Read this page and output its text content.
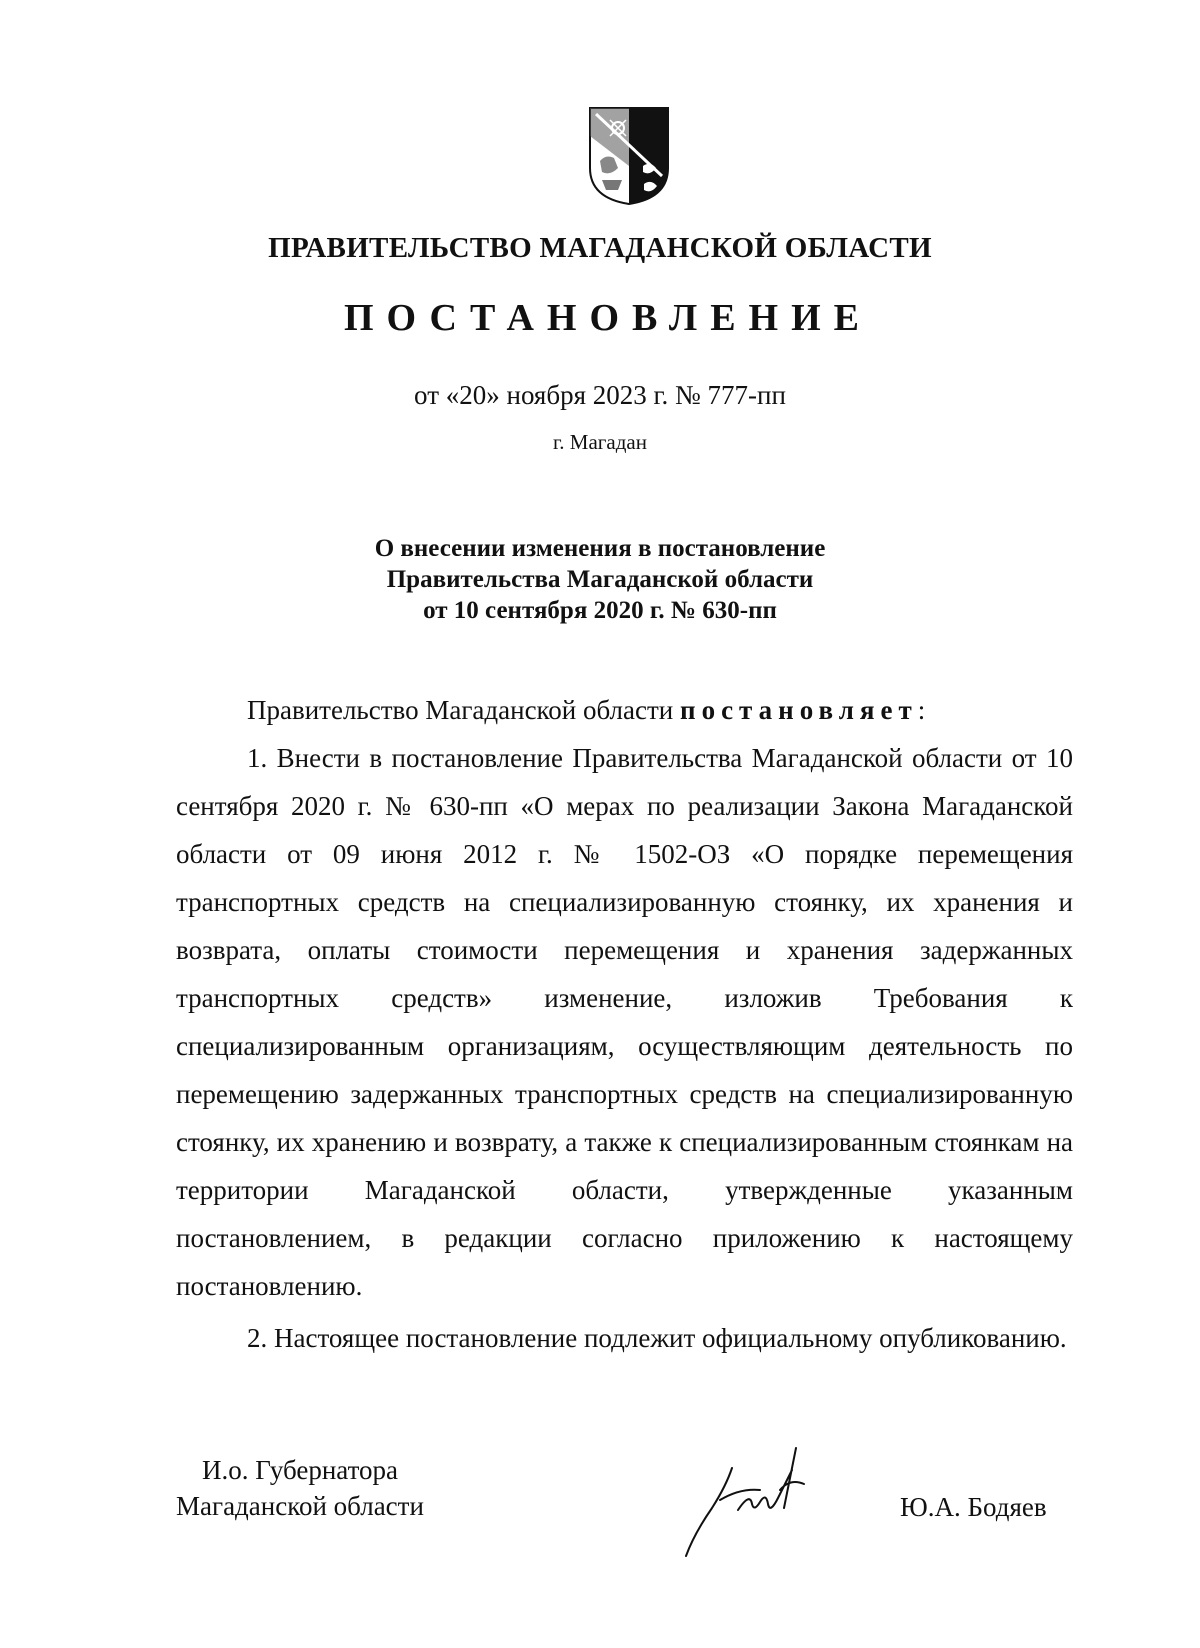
ПРАВИТЕЛЬСТВО МАГАДАНСКОЙ ОБЛАСТИ
ПОСТАНОВЛЕНИЕ
от «20» ноября 2023 г. № 777-пп
г. Магадан
О внесении изменения в постановление
Правительства Магаданской области
от 10 сентября 2020 г. № 630-пп

Правительство Магаданской области постановляет:

1. Внести в постановление Правительства Магаданской области от 10 сентября 2020 г. № 630-пп «О мерах по реализации Закона Магаданской области от 09 июня 2012 г. № 1502-ОЗ «О порядке перемещения транспортных средств на специализированную стоянку, их хранения и возврата, оплаты стоимости перемещения и хранения задержанных транспортных средств» изменение, изложив Требования к специализированным организациям, осуществляющим деятельность по перемещению задержанных транспортных средств на специализированную стоянку, их хранению и возврату, а также к специализированным стоянкам на территории Магаданской области, утвержденные указанным постановлением, в редакции согласно приложению к настоящему постановлению.

2. Настоящее постановление подлежит официальному опубликованию.

И.о. Губернатора
Магаданской области	Ю.А. Бодяев
